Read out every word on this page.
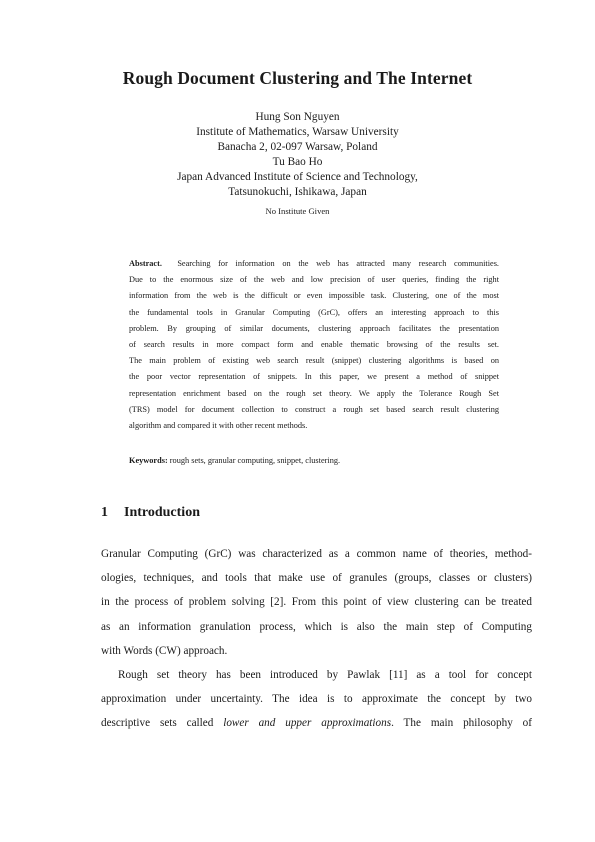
Rough Document Clustering and The Internet
Hung Son Nguyen
Institute of Mathematics, Warsaw University
Banacha 2, 02-097 Warsaw, Poland
Tu Bao Ho
Japan Advanced Institute of Science and Technology,
Tatsunokuchi, Ishikawa, Japan
No Institute Given
Abstract. Searching for information on the web has attracted many research communities.
Due to the enormous size of the web and low precision of user queries, finding the right
information from the web is the difficult or even impossible task. Clustering, one of the most
the fundamental tools in Granular Computing (GrC), offers an interesting approach to this
problem. By grouping of similar documents, clustering approach facilitates the presentation
of search results in more compact form and enable thematic browsing of the results set.
The main problem of existing web search result (snippet) clustering algorithms is based on
the poor vector representation of snippets. In this paper, we present a method of snippet
representation enrichment based on the rough set theory. We apply the Tolerance Rough Set
(TRS) model for document collection to construct a rough set based search result clustering
algorithm and compared it with other recent methods.
Keywords: rough sets, granular computing, snippet, clustering.
1 Introduction
Granular Computing (GrC) was characterized as a common name of theories, method-
ologies, techniques, and tools that make use of granules (groups, classes or clusters)
in the process of problem solving [2]. From this point of view clustering can be treated
as an information granulation process, which is also the main step of Computing
with Words (CW) approach.
Rough set theory has been introduced by Pawlak [11] as a tool for concept
approximation under uncertainty. The idea is to approximate the concept by two
descriptive sets called lower and upper approximations. The main philosophy of
